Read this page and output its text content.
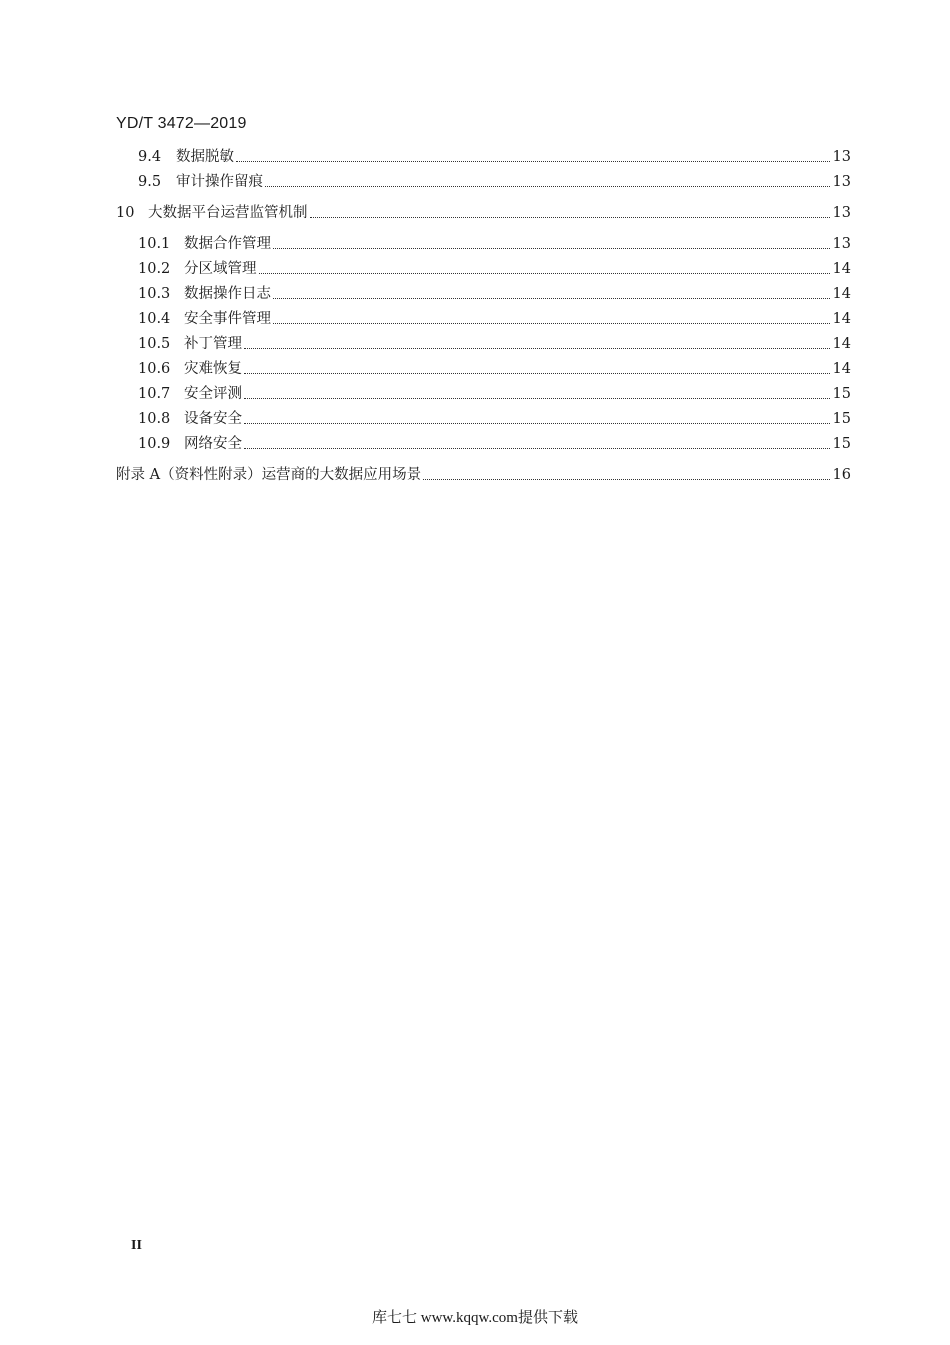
YD/T 3472—2019
9.4	数据脱敏	13
9.5	审计操作留痕	13
10 大数据平台运营监管机制	13
10.1 数据合作管理	13
10.2 分区域管理	14
10.3 数据操作日志	14
10.4 安全事件管理	14
10.5 补丁管理	14
10.6 灾难恢复	14
10.7 安全评测	15
10.8 设备安全	15
10.9 网络安全	15
附录 A（资料性附录）运营商的大数据应用场景	16
II
库七七 www.kqqw.com提供下载
